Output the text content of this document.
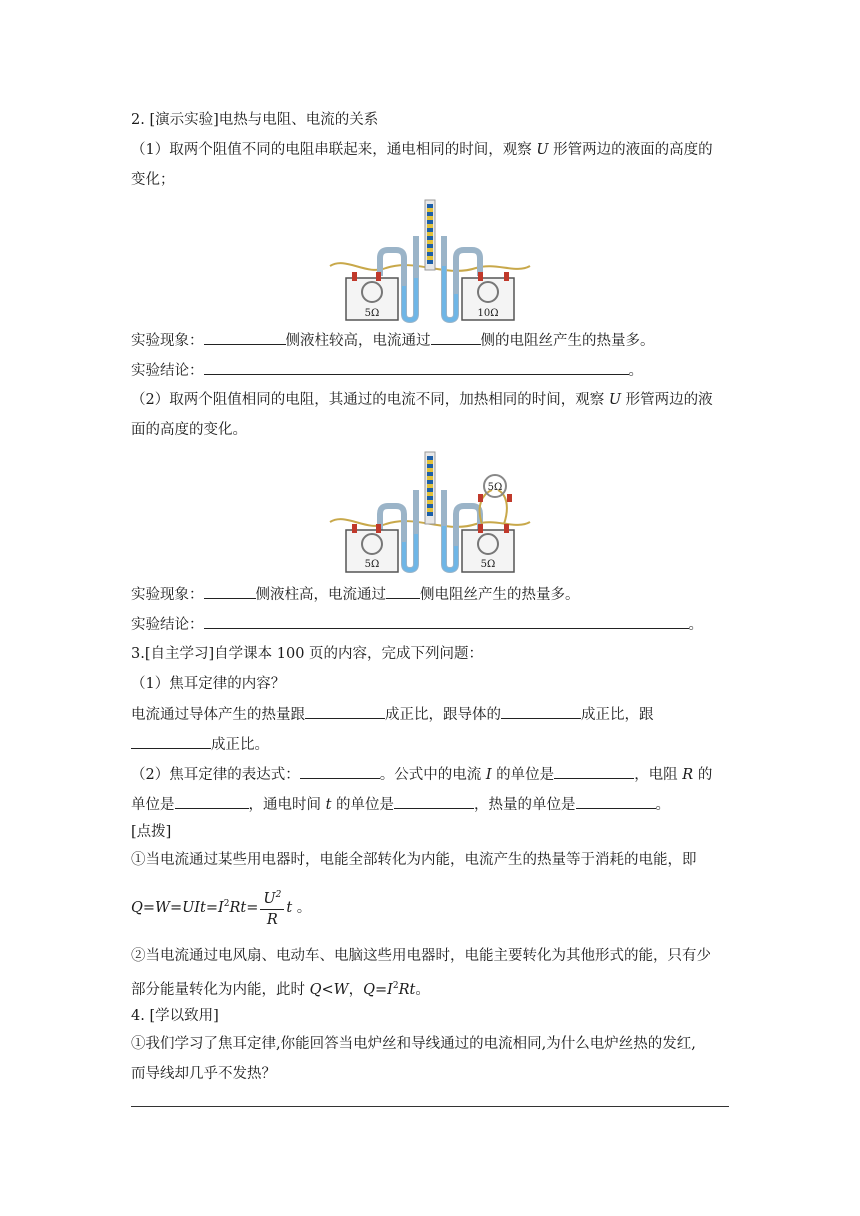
2. [演示实验]电热与电阻、电流的关系
（1）取两个阻值不同的电阻串联起来，通电相同的时间，观察 U 形管两边的液面的高度的
变化；
5Ω	10Ω
实验现象：	侧液柱较高，电流通过	侧的电阻丝产生的热量多。
实验结论：	。
（2）取两个阻值相同的电阻，其通过的电流不同，加热相同的时间，观察 U 形管两边的液
面的高度的变化。
5Ω
5Ω	5Ω
实验现象：	侧液柱高，电流通过 侧电阻丝产生的热量多。
实验结论：	。
3.[自主学习]自学课本 100 页的内容，完成下列问题：
（1）焦耳定律的内容？
电流通过导体产生的热量跟	成正比，跟导体的	成正比，跟
成正比。
（2）焦耳定律的表达式：	。公式中的电流 I 的单位是	，电阻 R 的
单位是	，通电时间 t 的单位是	，热量的单位是	。
[点拨]
①当电流通过某些用电器时，电能全部转化为内能，电流产生的热量等于消耗的电能，即
$Q=W=UIt=I^2Rt= \frac{U^2}{R}$ t 。
②当电流通过电风扇、电动车、电脑这些用电器时，电能主要转化为其他形式的能，只有少
部分能量转化为内能，此时 Q<W，$Q=I^2Rt$。
4. [学以致用]
①我们学习了焦耳定律,你能回答当电炉丝和导线通过的电流相同,为什么电炉丝热的发红,
而导线却几乎不发热？
